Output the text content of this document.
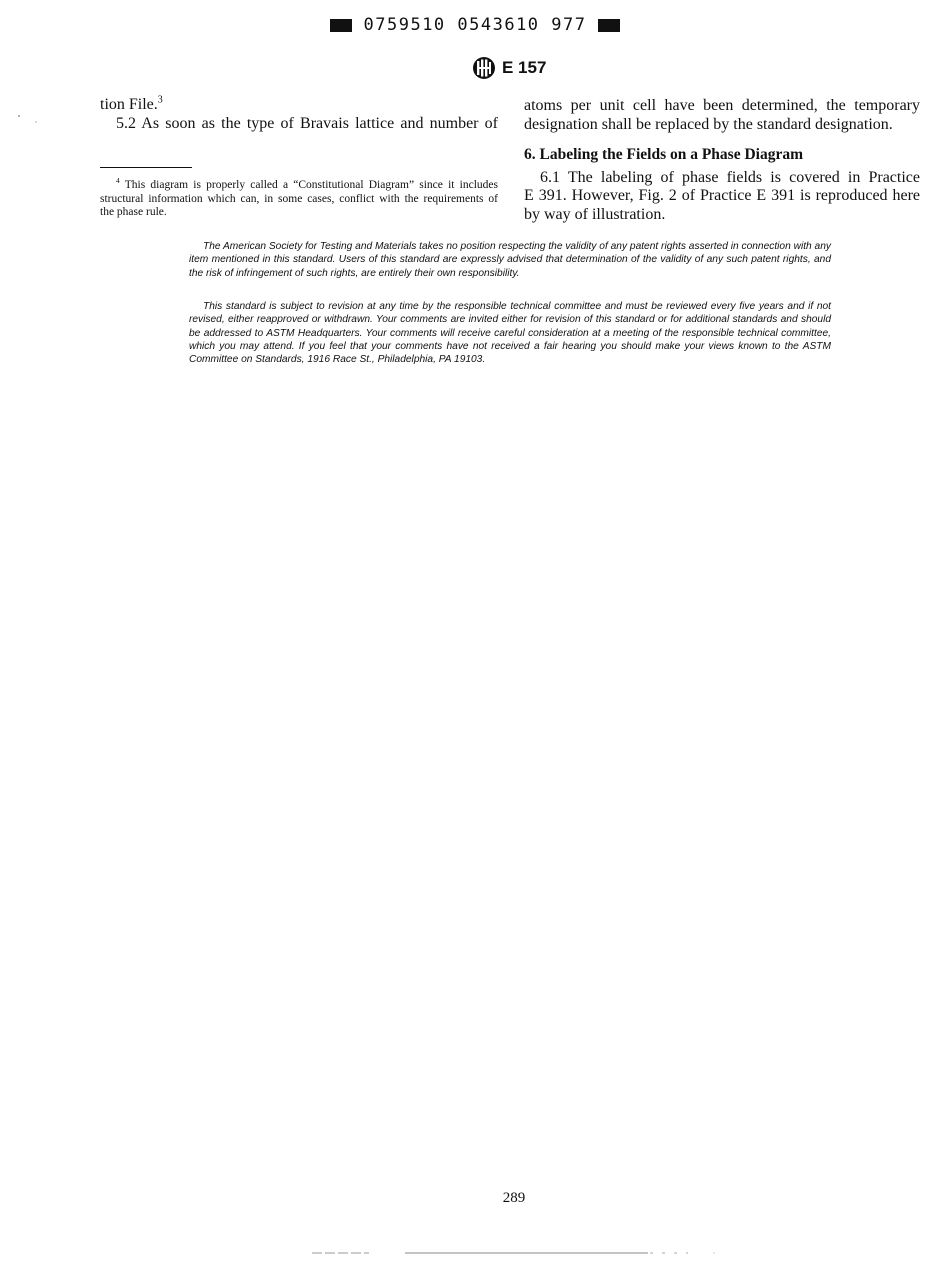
0759510 0543610 977
E 157

tion File.$^3$

5.2 As soon as the type of Bravais lattice and number of

atoms per unit cell have been determined, the temporary

designation shall be replaced by the standard designation.

6. Labeling the Fields on a Phase Diagram

6.1 The labeling of phase fields is covered in Practice

E 391. However, Fig. 2 of Practice E 391 is reproduced here

by way of illustration.

$^4$ This diagram is properly called a “Constitutional Diagram” since it includes

structural information which can, in some cases, conflict with the requirements of

the phase rule.

The American Society for Testing and Materials takes no position respecting the validity of any patent rights asserted in connection with any item mentioned in this standard. Users of this standard are expressly advised that determination of the validity of any such patent rights, and the risk of infringement of such rights, are entirely their own responsibility.

This standard is subject to revision at any time by the responsible technical committee and must be reviewed every five years and if not revised, either reapproved or withdrawn. Your comments are invited either for revision of this standard or for additional standards and should be addressed to ASTM Headquarters. Your comments will receive careful consideration at a meeting of the responsible technical committee, which you may attend. If you feel that your comments have not received a fair hearing you should make your views known to the ASTM Committee on Standards, 1916 Race St., Philadelphia, PA 19103.

289
